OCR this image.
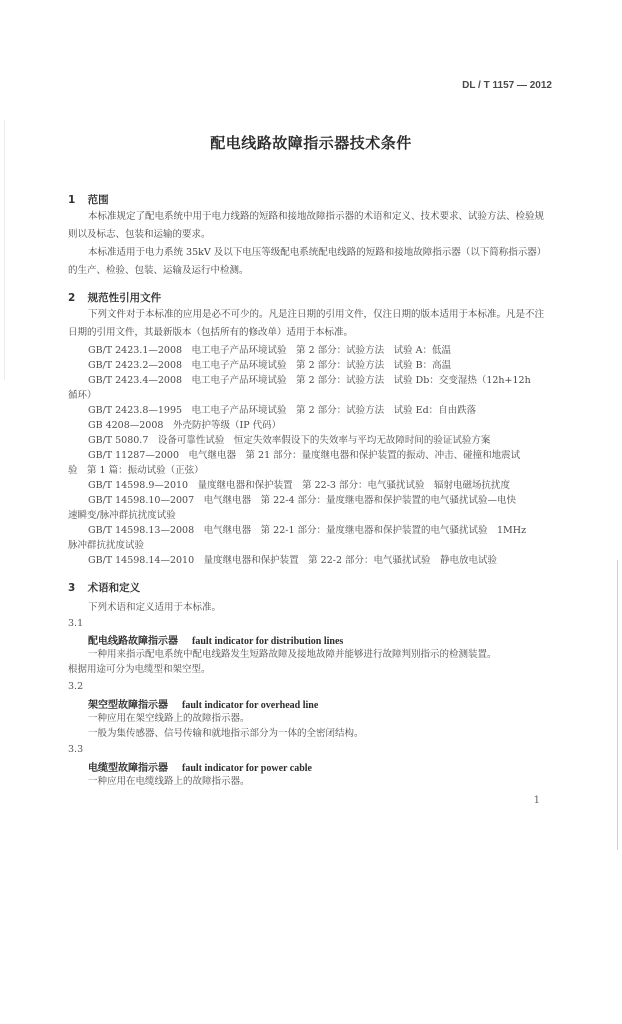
DL / T 1157 — 2012
配电线路故障指示器技术条件
1 范围
本标准规定了配电系统中用于电力线路的短路和接地故障指示器的术语和定义、技术要求、试验方法、检验规则以及标志、包装和运输的要求。
本标准适用于电力系统 35kV 及以下电压等级配电系统配电线路的短路和接地故障指示器（以下简称指示器）的生产、检验、包装、运输及运行中检测。
2 规范性引用文件
下列文件对于本标准的应用是必不可少的。凡是注日期的引用文件，仅注日期的版本适用于本标准。凡是不注日期的引用文件，其最新版本（包括所有的修改单）适用于本标准。
GB/T 2423.1—2008　电工电子产品环境试验　第 2 部分：试验方法　试验 A：低温
GB/T 2423.2—2008　电工电子产品环境试验　第 2 部分：试验方法　试验 B：高温
GB/T 2423.4—2008　电工电子产品环境试验　第 2 部分：试验方法　试验 Db：交变湿热（12h+12h
循环）
GB/T 2423.8—1995　电工电子产品环境试验　第 2 部分：试验方法　试验 Ed：自由跌落
GB 4208—2008　外壳防护等级（IP 代码）
GB/T 5080.7　设备可靠性试验　恒定失效率假设下的失效率与平均无故障时间的验证试验方案
GB/T 11287—2000　电气继电器　第 21 部分：量度继电器和保护装置的振动、冲击、碰撞和地震试
验　第 1 篇：振动试验（正弦）
GB/T 14598.9—2010　量度继电器和保护装置　第 22-3 部分：电气骚扰试验　辐射电磁场抗扰度
GB/T 14598.10—2007　电气继电器　第 22-4 部分：量度继电器和保护装置的电气骚扰试验—电快
速瞬变/脉冲群抗扰度试验
GB/T 14598.13—2008　电气继电器　第 22-1 部分：量度继电器和保护装置的电气骚扰试验　1MHz
脉冲群抗扰度试验
GB/T 14598.14—2010　量度继电器和保护装置　第 22-2 部分：电气骚扰试验　静电放电试验
3 术语和定义
下列术语和定义适用于本标准。
3.1
配电线路故障指示器 fault indicator for distribution lines
一种用来指示配电系统中配电线路发生短路故障及接地故障并能够进行故障判别指示的检测装置。
根据用途可分为电缆型和架空型。
3.2
架空型故障指示器 fault indicator for overhead line
一种应用在架空线路上的故障指示器。
一般为集传感器、信号传输和就地指示部分为一体的全密闭结构。
3.3
电缆型故障指示器 fault indicator for power cable
一种应用在电缆线路上的故障指示器。
1
